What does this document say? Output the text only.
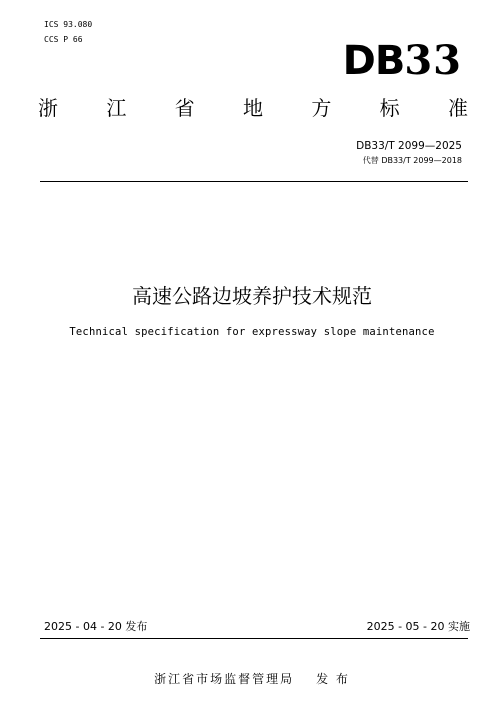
ICS 93.080
CCS P 66	DB33
浙 江 省 地 方 标 准
DB33/T 2099—2025
代替 DB33/T 2099—2018
高速公路边坡养护技术规范
Technical specification for expressway slope maintenance
2025 - 04 - 20 发布	2025 - 05 - 20 实施
浙江省市场监督管理局 发 布
